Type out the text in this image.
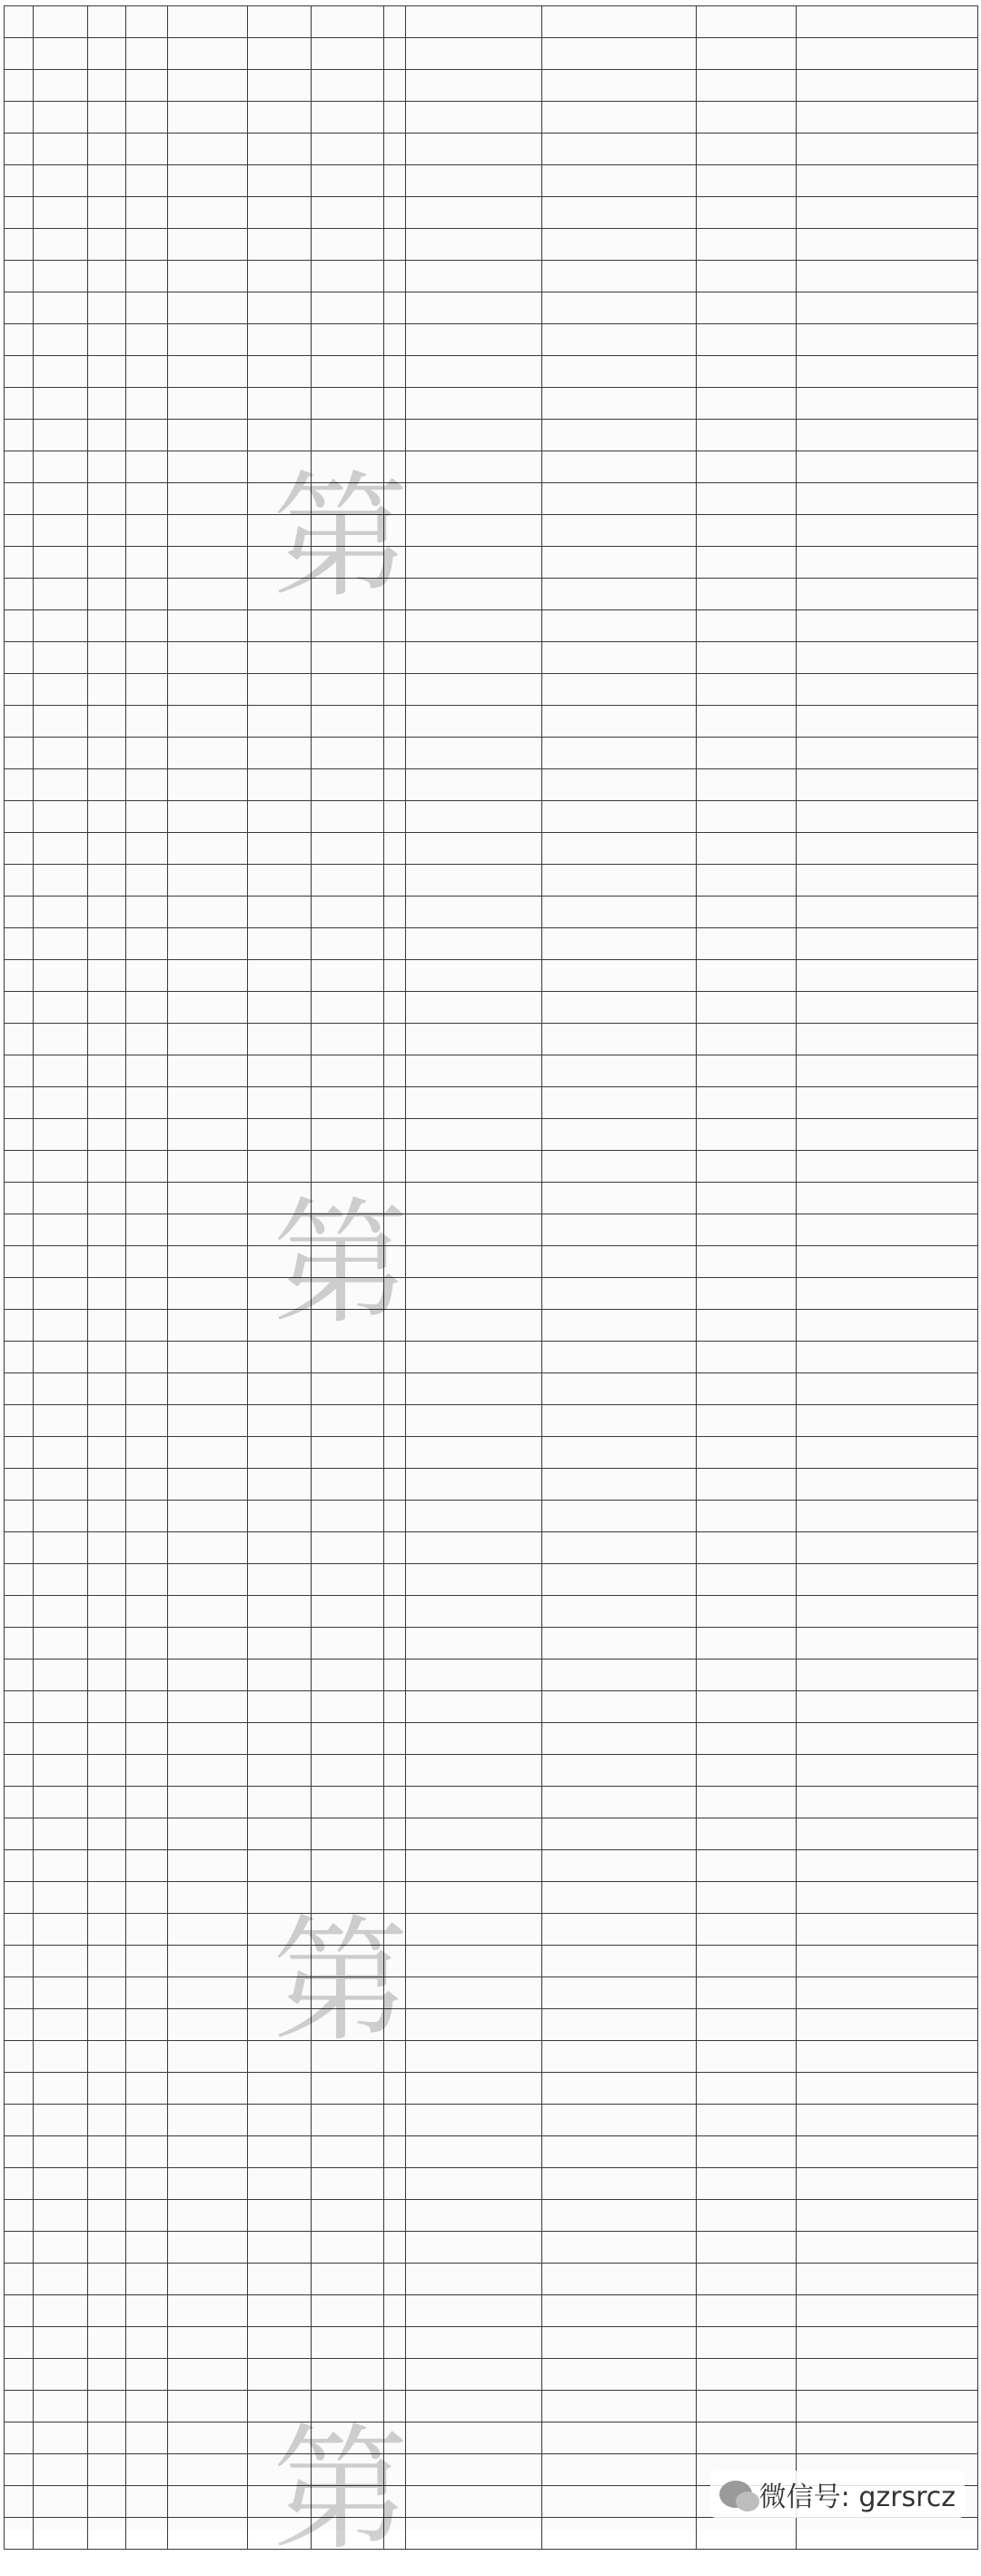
微信号: gzrsrcz
